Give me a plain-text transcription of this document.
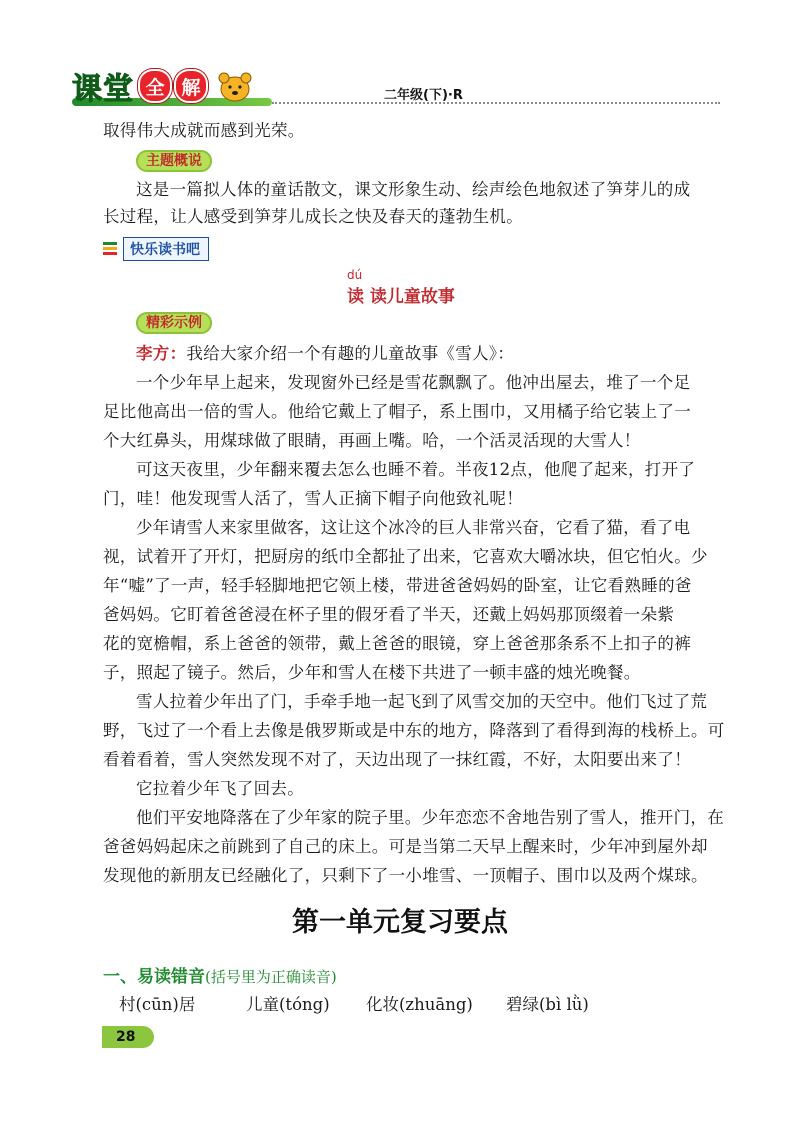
课 堂 全 解	二年级(下)·R

取得伟大成就而感到光荣。

主题概说

这是一篇拟人体的童话散文，课文形象生动、绘声绘色地叙述了笋芽儿的成

长过程，让人感受到笋芽儿成长之快及春天的蓬勃生机。

快乐读书吧
dú
读 读儿童故事
精彩示例

李方：我给大家介绍一个有趣的儿童故事《雪人》：

一个少年早上起来，发现窗外已经是雪花飘飘了。他冲出屋去，堆了一个足

足比他高出一倍的雪人。他给它戴上了帽子，系上围巾，又用橘子给它装上了一

个大红鼻头，用煤球做了眼睛，再画上嘴。哈，一个活灵活现的大雪人！

可这天夜里，少年翻来覆去怎么也睡不着。半夜12点，他爬了起来，打开了

门，哇！他发现雪人活了，雪人正摘下帽子向他致礼呢！

少年请雪人来家里做客，这让这个冰冷的巨人非常兴奋，它看了猫，看了电

视，试着开了开灯，把厨房的纸巾全都扯了出来，它喜欢大嚼冰块，但它怕火。少

年“嘘”了一声，轻手轻脚地把它领上楼，带进爸爸妈妈的卧室，让它看熟睡的爸

爸妈妈。它盯着爸爸浸在杯子里的假牙看了半天，还戴上妈妈那顶缀着一朵紫

花的宽檐帽，系上爸爸的领带，戴上爸爸的眼镜，穿上爸爸那条系不上扣子的裤

子，照起了镜子。然后，少年和雪人在楼下共进了一顿丰盛的烛光晚餐。

雪人拉着少年出了门，手牵手地一起飞到了风雪交加的天空中。他们飞过了荒

野，飞过了一个看上去像是俄罗斯或是中东的地方，降落到了看得到海的栈桥上。可

看着看着，雪人突然发现不对了，天边出现了一抹红霞，不好，太阳要出来了！

它拉着少年飞了回去。

他们平安地降落在了少年家的院子里。少年恋恋不舍地告别了雪人，推开门，在

爸爸妈妈起床之前跳到了自己的床上。可是当第二天早上醒来时，少年冲到屋外却

发现他的新朋友已经融化了，只剩下了一小堆雪、一顶帽子、围巾以及两个煤球。

第一单元复习要点
一、易读错音(括号里为正确读音)
村(cūn)居	儿童(tóng) 化妆(zhuāng) 碧绿(bì lǜ)
28
